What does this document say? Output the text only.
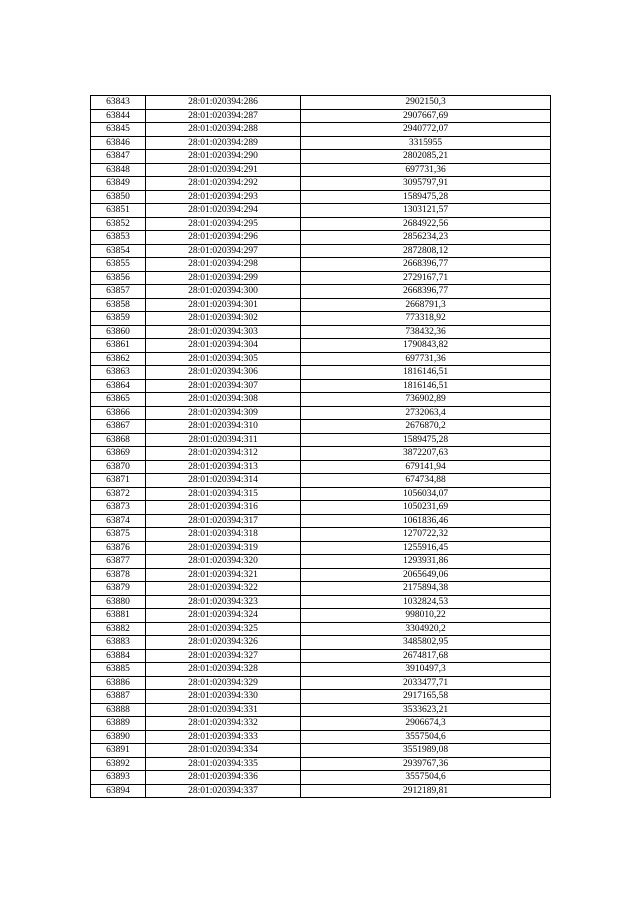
63843	28:01:020394:286	2902150,3
63844	28:01:020394:287	2907667,69
63845	28:01:020394:288	2940772,07
63846	28:01:020394:289	3315955
63847	28:01:020394:290	2802085,21
63848	28:01:020394:291	697731,36
63849	28:01:020394:292	3095797,91
63850	28:01:020394:293	1589475,28
63851	28:01:020394:294	1303121,57
63852	28:01:020394:295	2684922,56
63853	28:01:020394:296	2856234,23
63854	28:01:020394:297	2872808,12
63855	28:01:020394:298	2668396,77
63856	28:01:020394:299	2729167,71
63857	28:01:020394:300	2668396,77
63858	28:01:020394:301	2668791,3
63859	28:01:020394:302	773318,92
63860	28:01:020394:303	738432,36
63861	28:01:020394:304	1790843,82
63862	28:01:020394:305	697731,36
63863	28:01:020394:306	1816146,51
63864	28:01:020394:307	1816146,51
63865	28:01:020394:308	736902,89
63866	28:01:020394:309	2732063,4
63867	28:01:020394:310	2676870,2
63868	28:01:020394:311	1589475,28
63869	28:01:020394:312	3872207,63
63870	28:01:020394:313	679141,94
63871	28:01:020394:314	674734,88
63872	28:01:020394:315	1056034,07
63873	28:01:020394:316	1050231,69
63874	28:01:020394:317	1061836,46
63875	28:01:020394:318	1270722,32
63876	28:01:020394:319	1255916,45
63877	28:01:020394:320	1293931,86
63878	28:01:020394:321	2065649,06
63879	28:01:020394:322	2175894,38
63880	28:01:020394:323	1032824,53
63881	28:01:020394:324	998010,22
63882	28:01:020394:325	3304920,2
63883	28:01:020394:326	3485802,95
63884	28:01:020394:327	2674817,68
63885	28:01:020394:328	3910497,3
63886	28:01:020394:329	2033477,71
63887	28:01:020394:330	2917165,58
63888	28:01:020394:331	3533623,21
63889	28:01:020394:332	2906674,3
63890	28:01:020394:333	3557504,6
63891	28:01:020394:334	3551989,08
63892	28:01:020394:335	2939767,36
63893	28:01:020394:336	3557504,6
63894	28:01:020394:337	2912189,81
